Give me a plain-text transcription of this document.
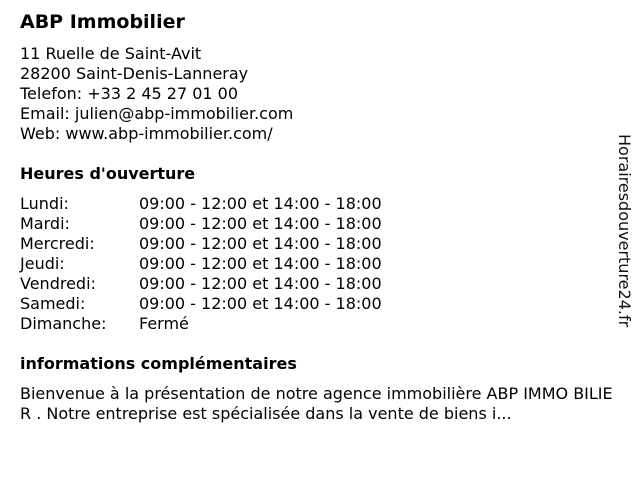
ABP Immobilier
11 Ruelle de Saint-Avit
28200 Saint-Denis-Lanneray
Telefon: +33 2 45 27 01 00
Email: julien@abp-immobilier.com
Web: www.abp-immobilier.com/
Heures d'ouverture
Lundi:	09:00 - 12:00 et 14:00 - 18:00
Mardi:	09:00 - 12:00 et 14:00 - 18:00
Mercredi:	09:00 - 12:00 et 14:00 - 18:00
Jeudi:	09:00 - 12:00 et 14:00 - 18:00
Vendredi:	09:00 - 12:00 et 14:00 - 18:00
Samedi:	09:00 - 12:00 et 14:00 - 18:00
Dimanche:	Fermé
informations complémentaires
Bienvenue à la présentation de notre agence immobilière ABP IMMO BILIER . Notre entreprise est spécialisée dans la vente de biens i...
Horairesdouverture24.fr
